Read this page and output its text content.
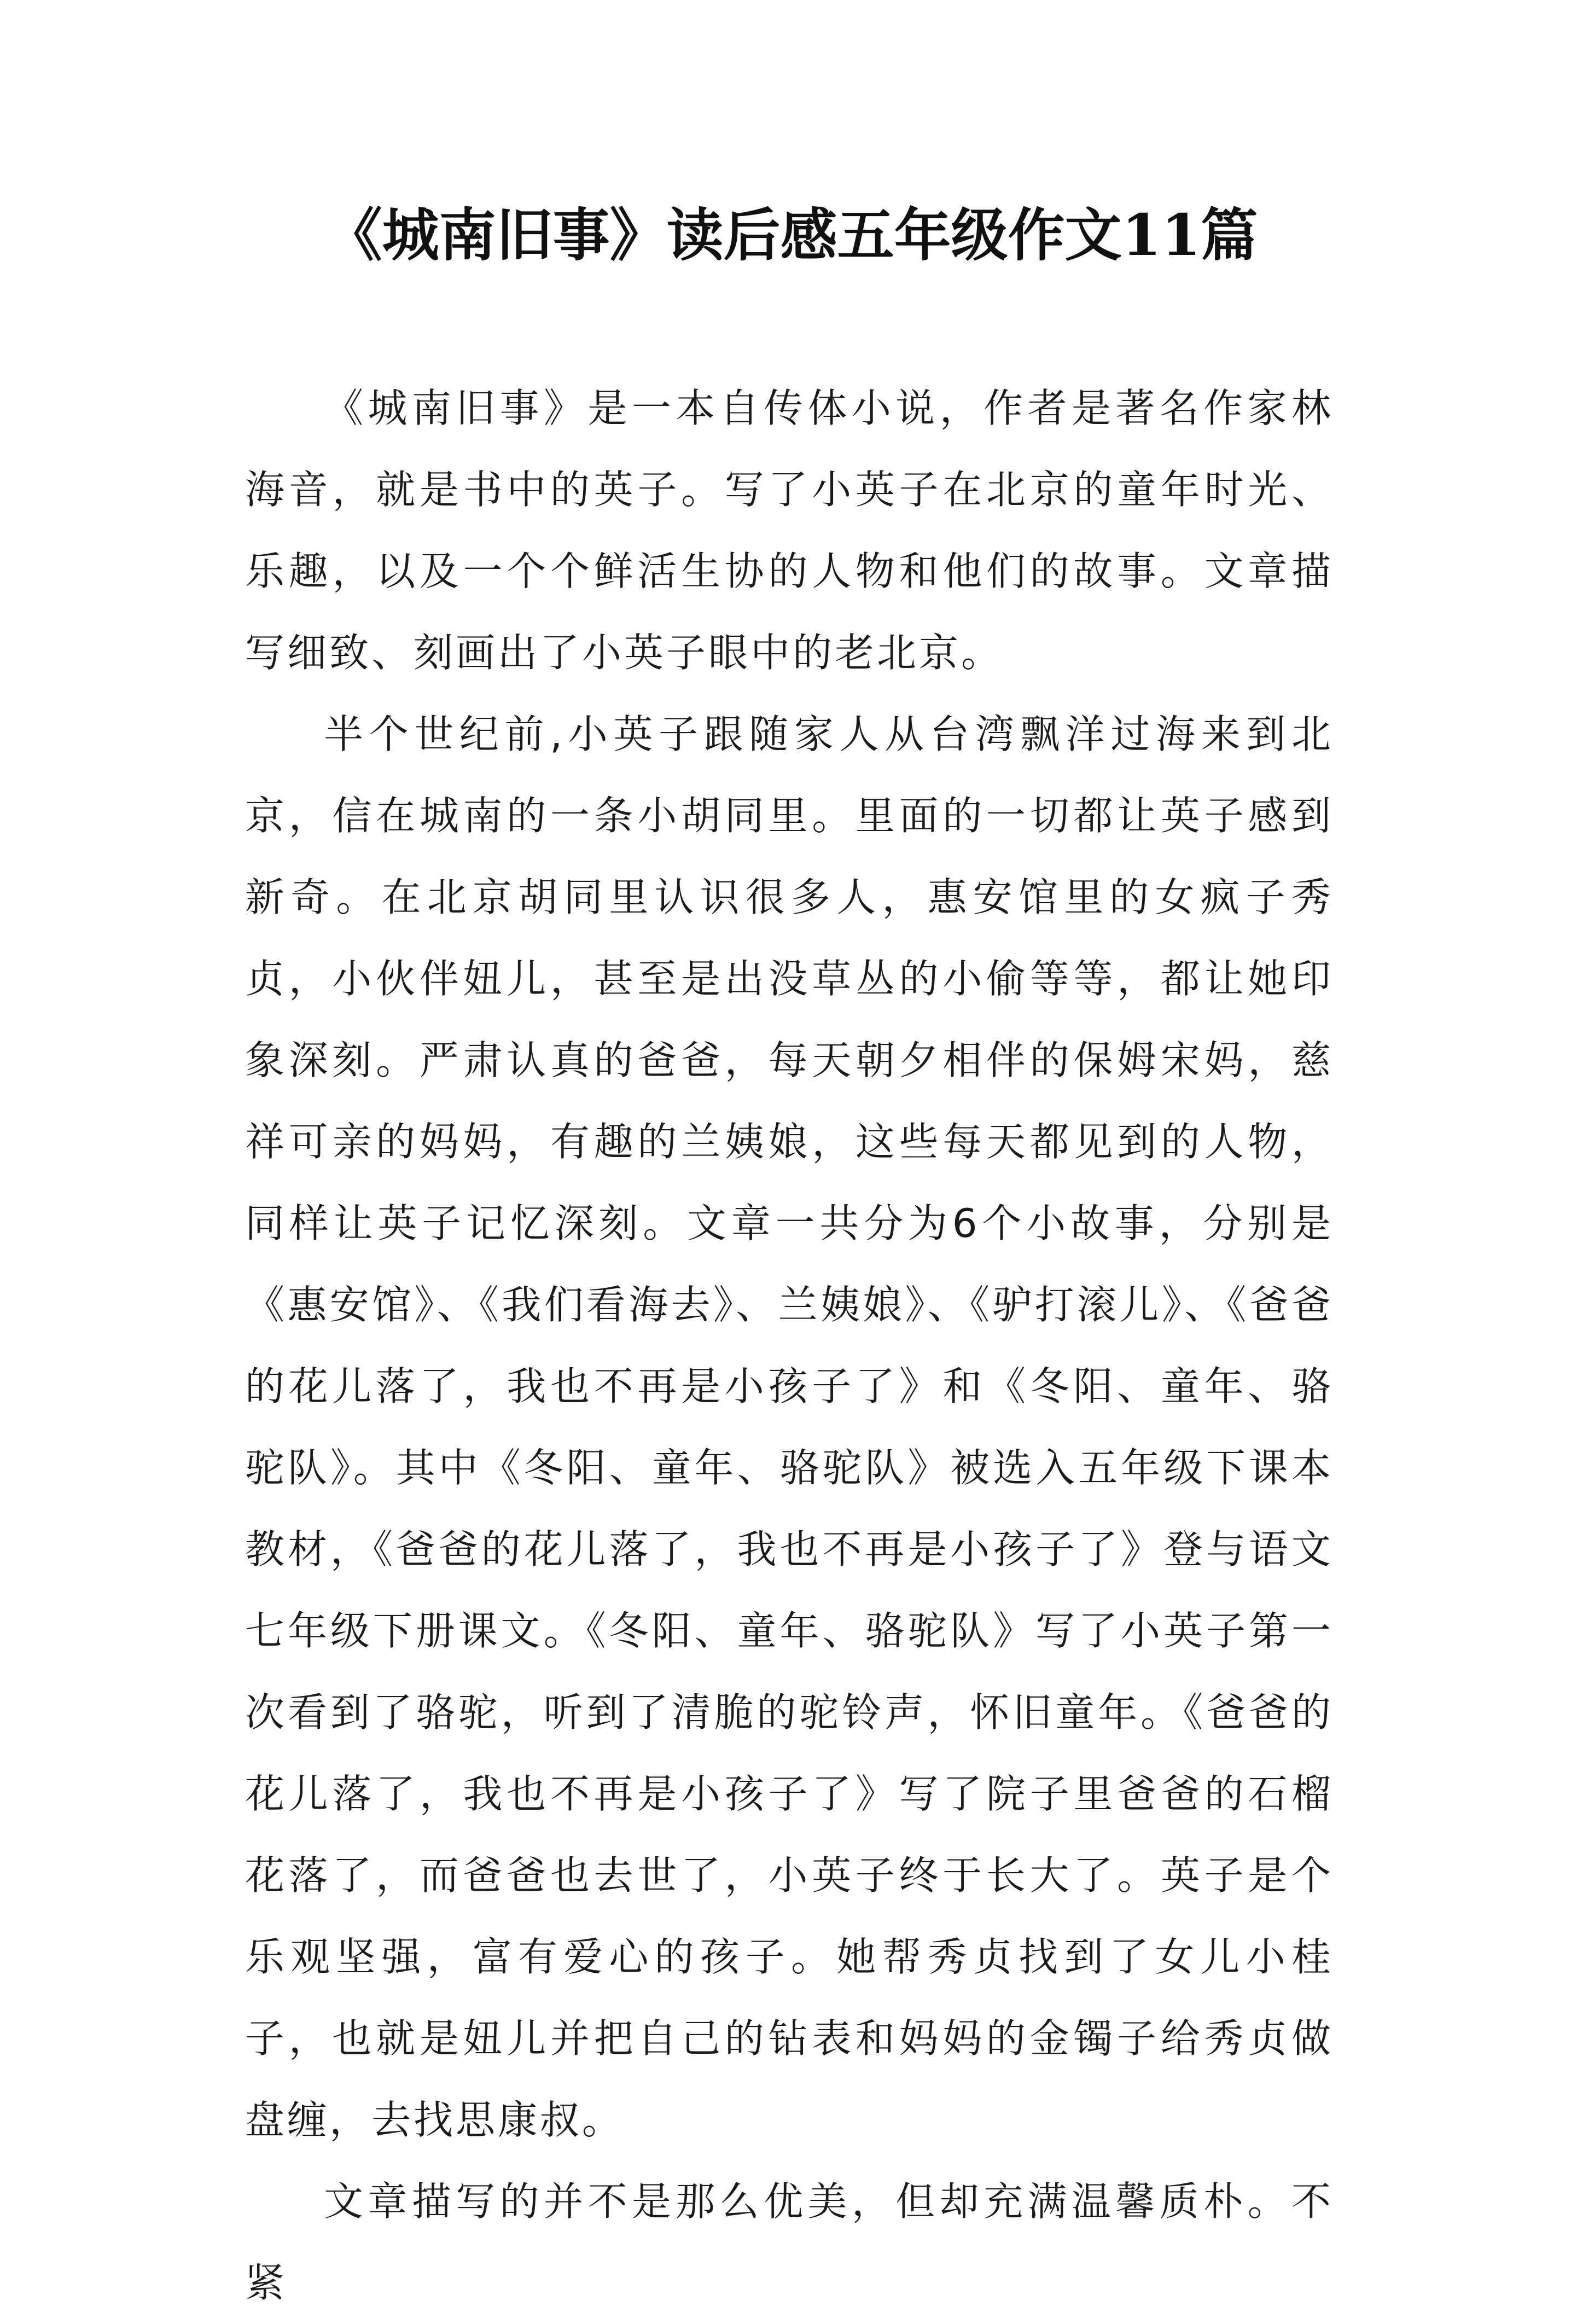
《城南旧事》读后感五年级作文11篇

《城南旧事》是一本自传体小说，作者是著名作家林海音，就是书中的英子。写了小英子在北京的童年时光、乐趣，以及一个个鲜活生协的人物和他们的故事。文章描写细致、刻画出了小英子眼中的老北京。

半个世纪前,小英子跟随家人从台湾飘洋过海来到北京，信在城南的一条小胡同里。里面的一切都让英子感到新奇。在北京胡同里认识很多人，惠安馆里的女疯子秀贞，小伙伴妞儿，甚至是出没草丛的小偷等等，都让她印象深刻。严肃认真的爸爸，每天朝夕相伴的保姆宋妈，慈祥可亲的妈妈，有趣的兰姨娘，这些每天都见到的人物，同样让英子记忆深刻。文章一共分为6个小故事，分别是《惠安馆》、《我们看海去》、兰姨娘》、《驴打滚儿》、《爸爸的花儿落了，我也不再是小孩子了》和《冬阳、童年、骆驼队》。其中《冬阳、童年、骆驼队》被选入五年级下课本教材，《爸爸的花儿落了，我也不再是小孩子了》登与语文七年级下册课文。《冬阳、童年、骆驼队》写了小英子第一次看到了骆驼，听到了清脆的驼铃声，怀旧童年。《爸爸的花儿落了，我也不再是小孩子了》写了院子里爸爸的石榴花落了，而爸爸也去世了，小英子终于长大了。英子是个乐观坚强，富有爱心的孩子。她帮秀贞找到了女儿小桂子，也就是妞儿并把自己的钻表和妈妈的金镯子给秀贞做盘缠，去找思康叔。

文章描写的并不是那么优美，但却充满温馨质朴。不紧
